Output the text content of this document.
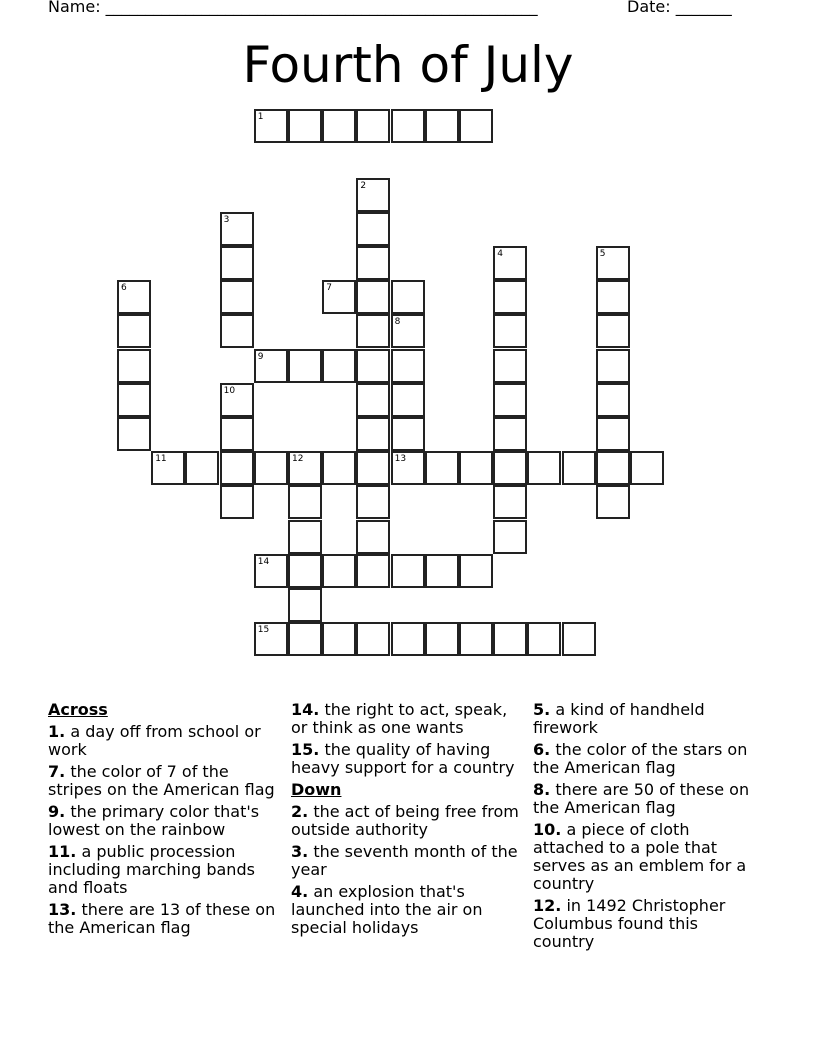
Name: ______________________________________________________	Date: _______
Fourth of July
1
2
3
4	5
6	7
8
13
9
10
11	12
14
15
Across
1. a day off from school or work
7. the color of 7 of the stripes on the American flag
9. the primary color that's lowest on the rainbow
11. a public procession including marching bands and floats
13. there are 13 of these on the American flag
14. the right to act, speak, or think as one wants
15. the quality of having heavy support for a country
Down
2. the act of being free from outside authority
3. the seventh month of the year
4. an explosion that's launched into the air on special holidays
5. a kind of handheld firework
6. the color of the stars on the American flag
8. there are 50 of these on the American flag
10. a piece of cloth attached to a pole that serves as an emblem for a country
12. in 1492 Christopher Columbus found this country
